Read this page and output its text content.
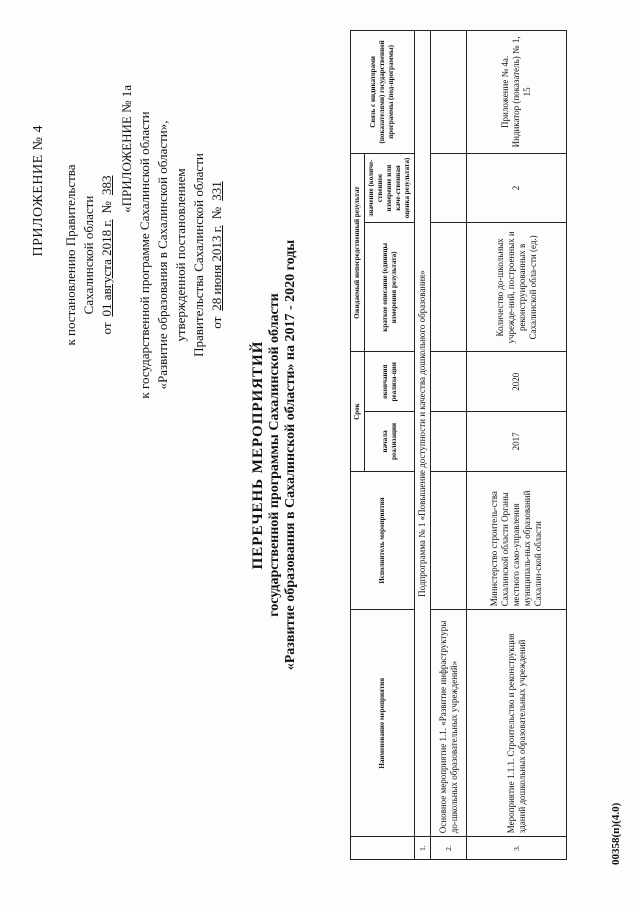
ПРИЛОЖЕНИЕ № 4 к постановлению Правительства Сахалинской области
от
01 августа 2018 г.
№
383 «ПРИЛОЖЕНИЕ № 1а к государственной программе Сахалинской области «Развитие образования в Сахалинской области», утвержденной постановлением Правительства Сахалинской области от
28 июня 2013 г.
№
331
ПЕРЕЧЕНЬ МЕРОПРИЯТИЙ государственной программы Сахалинской области «Развитие образования в Сахалинской области» на 2017 - 2020 годы
	Наименование мероприятия	Исполнитель мероприятия	Срок		Ожидаемый непосредственный результат		Связь с индикаторами (показателями) государственной программы (под-программы)
			начала реализации	окончания реализа-ции	краткое описание (единицы измерения результата)	значение (количе-ственное измерение или каче-ственная оценка результата)	
1.	Подпрограмма № 1 «Повышение доступности и качества дошкольного образования»						
2.	Основное мероприятие 1.1. «Развитие инфраструктуры до-школьных образовательных учреждений»						
3.	Мероприятие 1.1.1. Строительство и реконструкция зданий дошкольных образовательных учреждений	Министерство строитель-ства Сахалинской области Органы местного само-управления муниципаль-ных образований Сахалин-ской области	2017	2020	Количество до-школьных учрежде-ний, построенных и реконструированных в Сахалинской обла-сти (ед.)	2	Приложение № 4а. Индикатор (показатель) № 1, 15
00358(п)(4.0)
